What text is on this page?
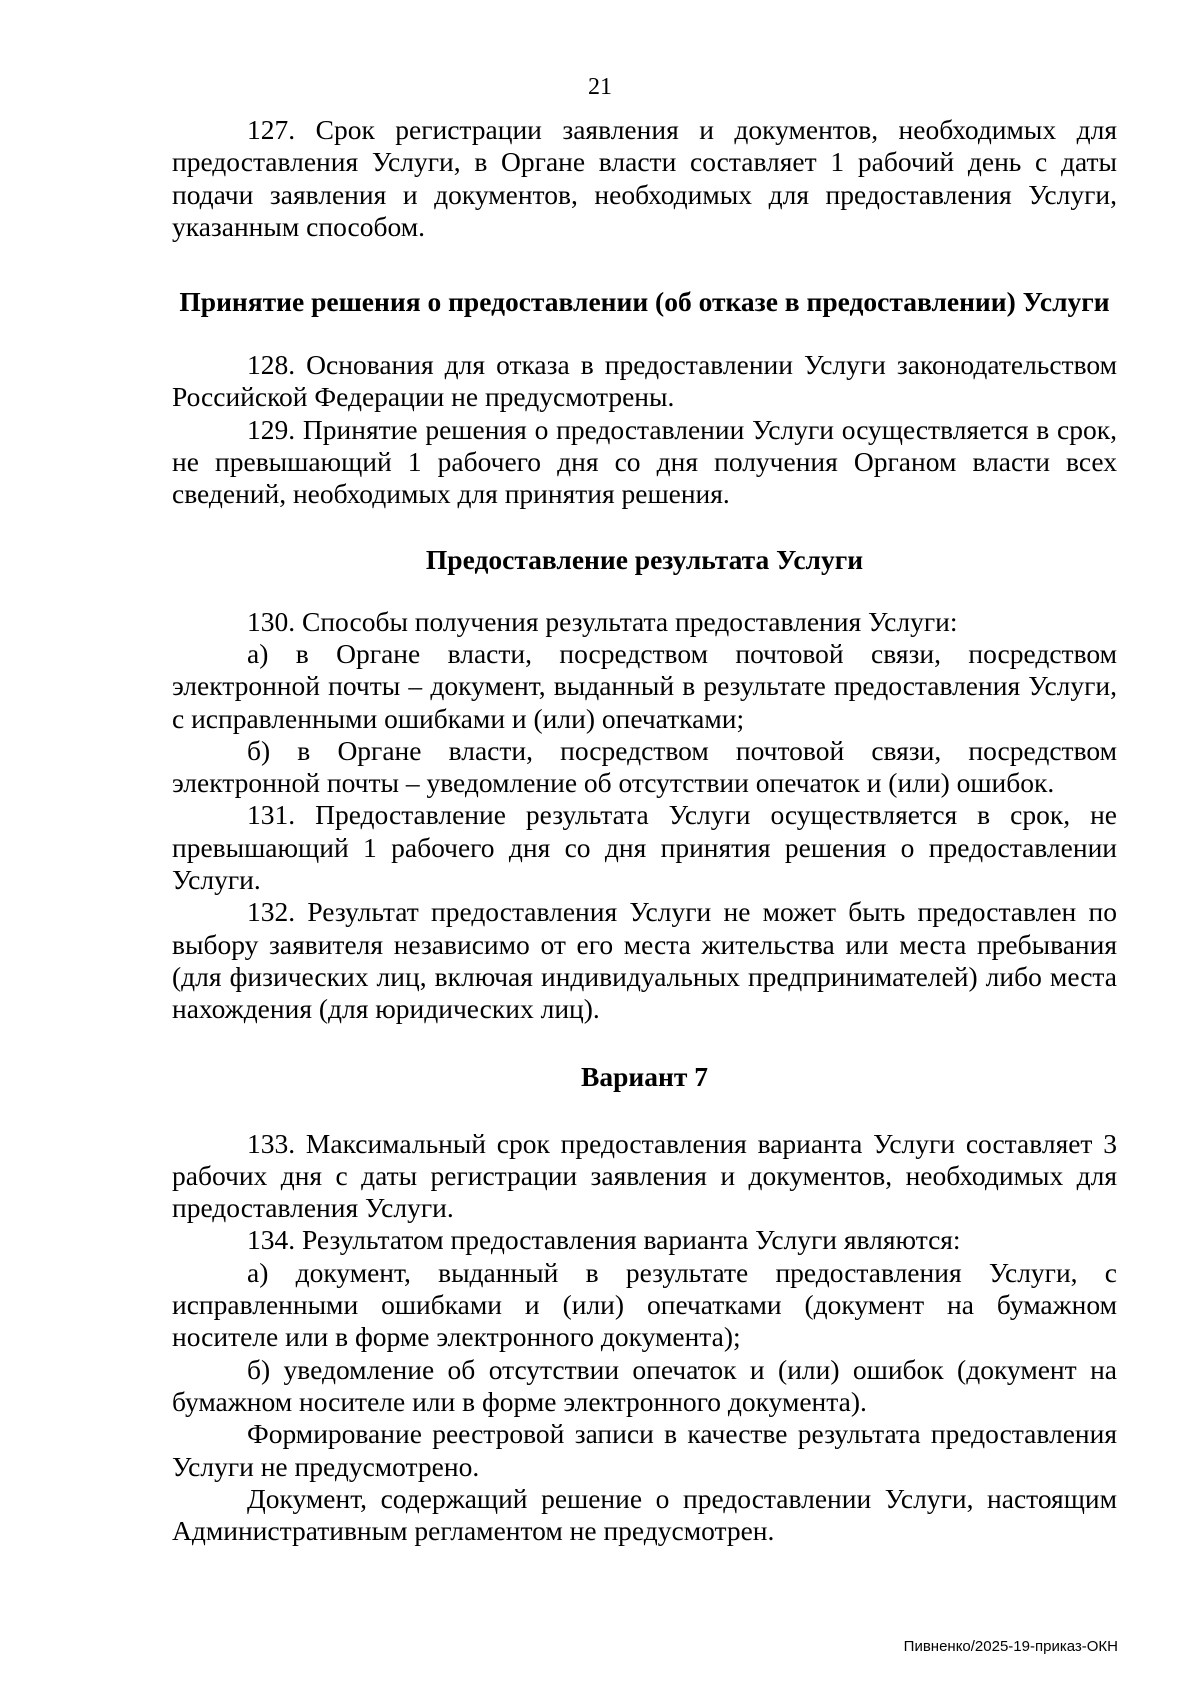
21

127. Срок регистрации заявления и документов, необходимых для предоставления Услуги, в Органе власти составляет 1 рабочий день с даты подачи заявления и документов, необходимых для предоставления Услуги, указанным способом.

Принятие решения о предоставлении (об отказе в предоставлении) Услуги

128. Основания для отказа в предоставлении Услуги законодательством Российской Федерации не предусмотрены.

129. Принятие решения о предоставлении Услуги осуществляется в срок, не превышающий 1 рабочего дня со дня получения Органом власти всех сведений, необходимых для принятия решения.

Предоставление результата Услуги

130. Способы получения результата предоставления Услуги:

а) в Органе власти, посредством почтовой связи, посредством электронной почты – документ, выданный в результате предоставления Услуги, с исправленными ошибками и (или) опечатками;

б) в Органе власти, посредством почтовой связи, посредством электронной почты – уведомление об отсутствии опечаток и (или) ошибок.

131. Предоставление результата Услуги осуществляется в срок, не превышающий 1 рабочего дня со дня принятия решения о предоставлении Услуги.

132. Результат предоставления Услуги не может быть предоставлен по выбору заявителя независимо от его места жительства или места пребывания (для физических лиц, включая индивидуальных предпринимателей) либо места нахождения (для юридических лиц).

Вариант 7

133. Максимальный срок предоставления варианта Услуги составляет 3 рабочих дня с даты регистрации заявления и документов, необходимых для предоставления Услуги.

134. Результатом предоставления варианта Услуги являются:

а) документ, выданный в результате предоставления Услуги, с исправленными ошибками и (или) опечатками (документ на бумажном носителе или в форме электронного документа);

б) уведомление об отсутствии опечаток и (или) ошибок (документ на бумажном носителе или в форме электронного документа).

Формирование реестровой записи в качестве результата предоставления Услуги не предусмотрено.

Документ, содержащий решение о предоставлении Услуги, настоящим Административным регламентом не предусмотрен.

Пивненко/2025-19-приказ-ОКН
